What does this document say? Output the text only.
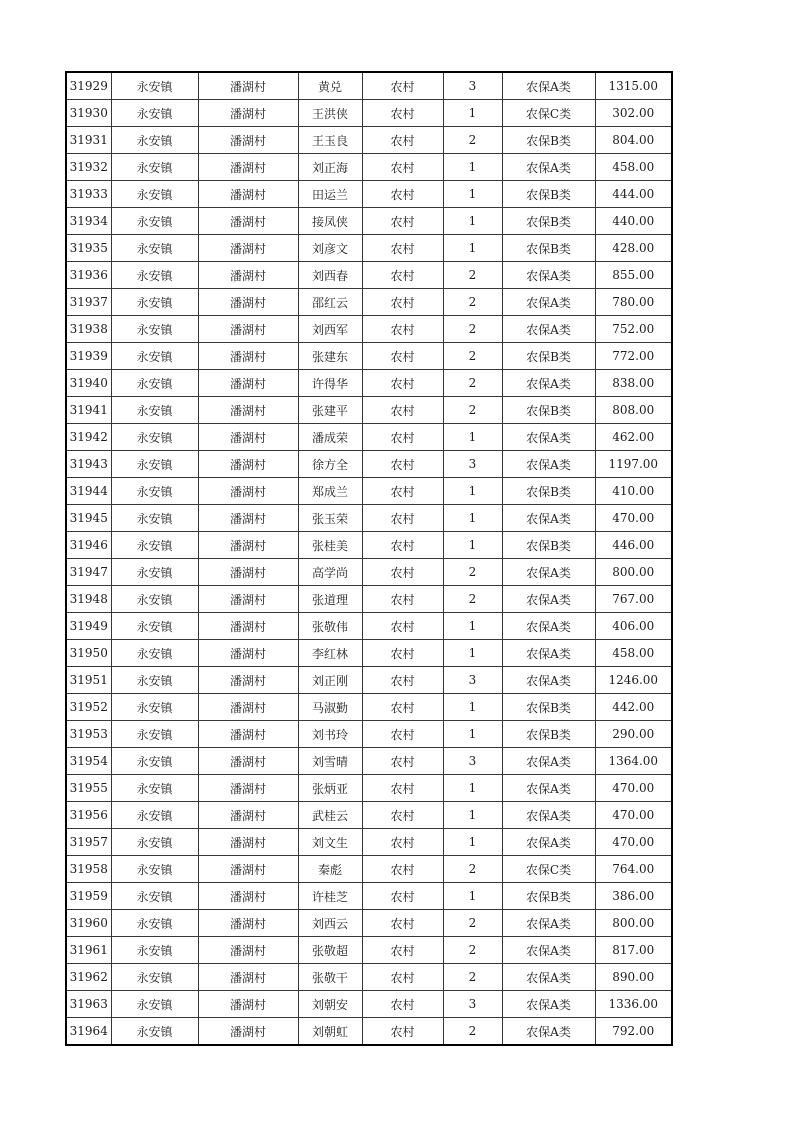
31929	永安镇	潘湖村	黄兑	农村	3	农保A类	1315.00
31930	永安镇	潘湖村	王洪侠	农村	1	农保C类	302.00
31931	永安镇	潘湖村	王玉良	农村	2	农保B类	804.00
31932	永安镇	潘湖村	刘正海	农村	1	农保A类	458.00
31933	永安镇	潘湖村	田运兰	农村	1	农保B类	444.00
31934	永安镇	潘湖村	接凤侠	农村	1	农保B类	440.00
31935	永安镇	潘湖村	刘彦文	农村	1	农保B类	428.00
31936	永安镇	潘湖村	刘西春	农村	2	农保A类	855.00
31937	永安镇	潘湖村	邵红云	农村	2	农保A类	780.00
31938	永安镇	潘湖村	刘西军	农村	2	农保A类	752.00
31939	永安镇	潘湖村	张建东	农村	2	农保B类	772.00
31940	永安镇	潘湖村	许得华	农村	2	农保A类	838.00
31941	永安镇	潘湖村	张建平	农村	2	农保B类	808.00
31942	永安镇	潘湖村	潘成荣	农村	1	农保A类	462.00
31943	永安镇	潘湖村	徐方全	农村	3	农保A类	1197.00
31944	永安镇	潘湖村	郑成兰	农村	1	农保B类	410.00
31945	永安镇	潘湖村	张玉荣	农村	1	农保A类	470.00
31946	永安镇	潘湖村	张桂美	农村	1	农保B类	446.00
31947	永安镇	潘湖村	高学尚	农村	2	农保A类	800.00
31948	永安镇	潘湖村	张道理	农村	2	农保A类	767.00
31949	永安镇	潘湖村	张敬伟	农村	1	农保A类	406.00
31950	永安镇	潘湖村	李红林	农村	1	农保A类	458.00
31951	永安镇	潘湖村	刘正刚	农村	3	农保A类	1246.00
31952	永安镇	潘湖村	马淑勤	农村	1	农保B类	442.00
31953	永安镇	潘湖村	刘书玲	农村	1	农保B类	290.00
31954	永安镇	潘湖村	刘雪晴	农村	3	农保A类	1364.00
31955	永安镇	潘湖村	张炳亚	农村	1	农保A类	470.00
31956	永安镇	潘湖村	武桂云	农村	1	农保A类	470.00
31957	永安镇	潘湖村	刘文生	农村	1	农保A类	470.00
31958	永安镇	潘湖村	秦彪	农村	2	农保C类	764.00
31959	永安镇	潘湖村	许桂芝	农村	1	农保B类	386.00
31960	永安镇	潘湖村	刘西云	农村	2	农保A类	800.00
31961	永安镇	潘湖村	张敬超	农村	2	农保A类	817.00
31962	永安镇	潘湖村	张敬干	农村	2	农保A类	890.00
31963	永安镇	潘湖村	刘朝安	农村	3	农保A类	1336.00
31964	永安镇	潘湖村	刘朝虹	农村	2	农保A类	792.00
